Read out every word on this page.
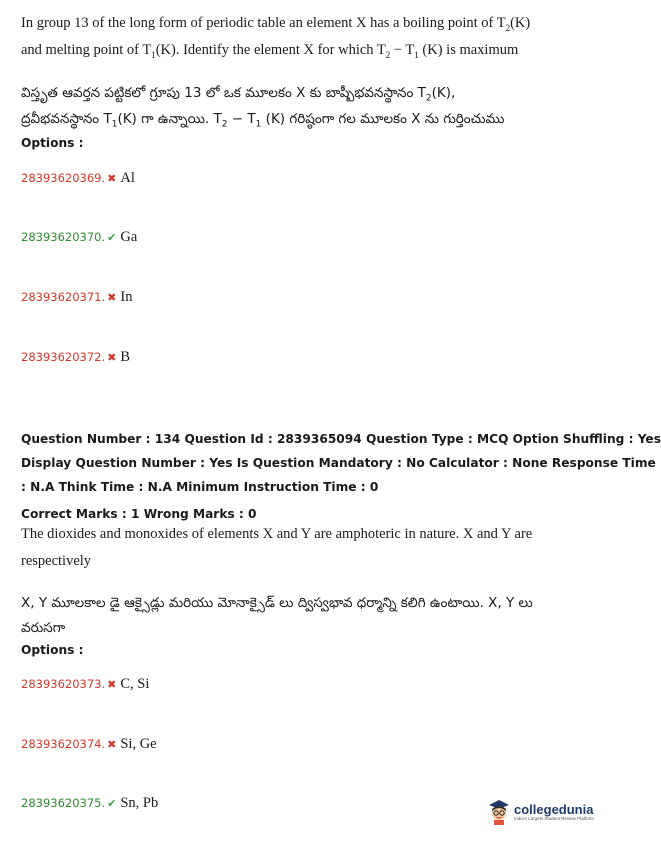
In group 13 of the long form of periodic table an element X has a boiling point of $T_2(K)$
and melting point of $T_1(K)$. Identify the element X for which $T_2 - T_1$ (K) is maximum
విస్తృత ఆవర్తన పట్టికలో గ్రూపు 13 లో ఒక మూలకం X కు బాష్పీభవనస్థానం $T_2(K)$,
ద్రవీభవనస్థానం $T_1(K)$ గా ఉన్నాయి. $T_2 - T_1$ (K) గరిష్ఠంగా గల మూలకం X ను గుర్తించుము
Options :
28393620369. ✖ Al
28393620370. ✔ Ga
28393620371. ✖ In
28393620372. ✖ B
Question Number : 134 Question Id : 2839365094 Question Type : MCQ Option Shuffling : Yes
Display Question Number : Yes Is Question Mandatory : No Calculator : None Response Time
: N.A Think Time : N.A Minimum Instruction Time : 0
Correct Marks : 1 Wrong Marks : 0
The dioxides and monoxides of elements X and Y are amphoteric in nature. X and Y are
respectively
X, Y మూలకాల డై ఆక్సైడ్లు మరియు మోనాక్సైడ్ లు ద్విస్వభావ ధర్మాన్ని కలిగి ఉంటాయి. X, Y లు
వరుసగా
Options :
28393620373. ✖ C, Si
28393620374. ✖ Si, Ge
28393620375. ✔ Sn, Pb	collegedunia
India's Largest Student Review Platform
